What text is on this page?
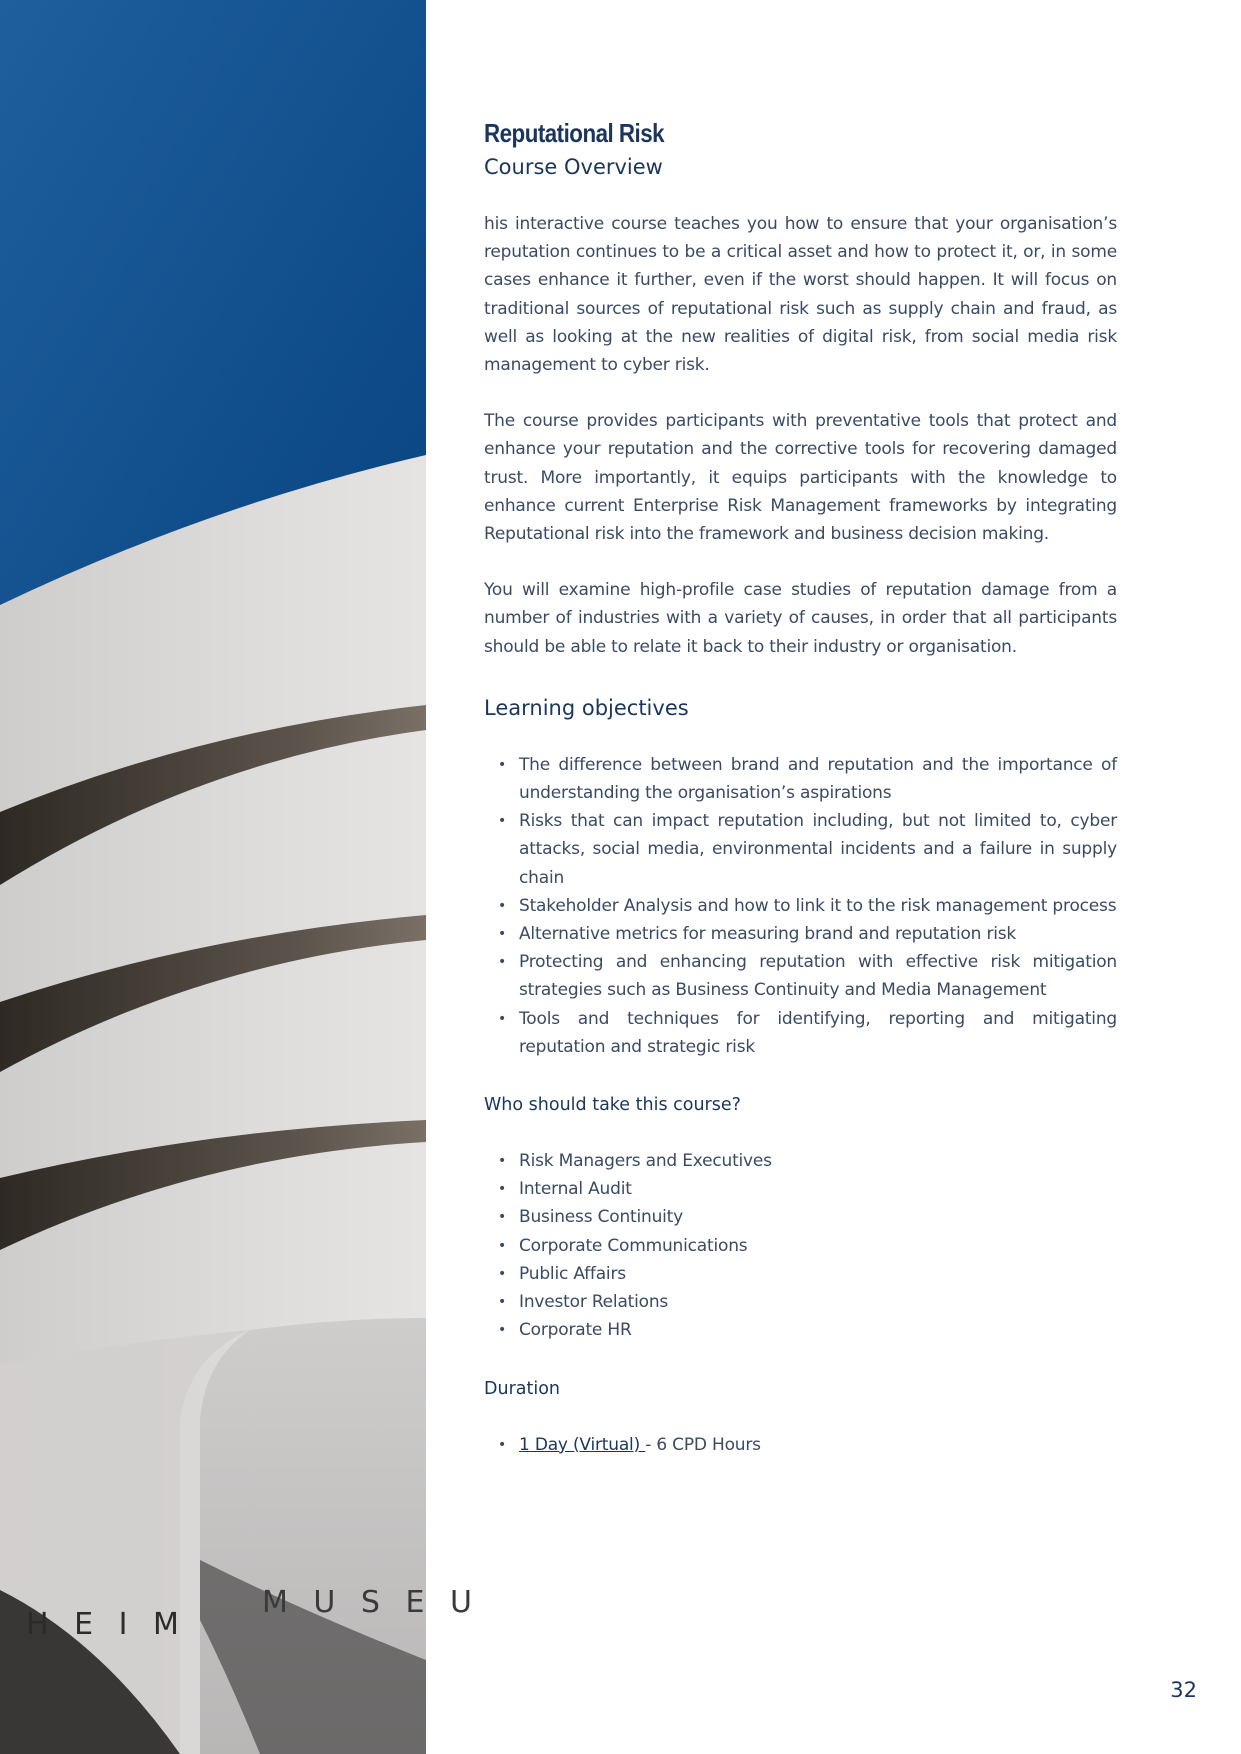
H E I M
M U S E U
Reputational Risk
Course Overview

his interactive course teaches you how to ensure that your organisation’s reputation continues to be a critical asset and how to protect it, or, in some cases enhance it further, even if the worst should happen. It will focus on traditional sources of reputational risk such as supply chain and fraud, as well as looking at the new realities of digital risk, from social media risk management to cyber risk.

The course provides participants with preventative tools that protect and enhance your reputation and the corrective tools for recovering damaged trust. More importantly, it equips participants with the knowledge to enhance current Enterprise Risk Management frameworks by integrating Reputational risk into the framework and business decision making.

You will examine high-profile case studies of reputation damage from a number of industries with a variety of causes, in order that all participants should be able to relate it back to their industry or organisation.

Learning objectives
• The difference between brand and reputation and the importance of understanding the organisation’s aspirations
• Risks that can impact reputation including, but not limited to, cyber attacks, social media, environmental incidents and a failure in supply chain
• Stakeholder Analysis and how to link it to the risk management process
• Alternative metrics for measuring brand and reputation risk
• Protecting and enhancing reputation with effective risk mitigation strategies such as Business Continuity and Media Management
• Tools and techniques for identifying, reporting and mitigating reputation and strategic risk
Who should take this course?
• Risk Managers and Executives
• Internal Audit
• Business Continuity
• Corporate Communications
• Public Affairs
• Investor Relations
• Corporate HR
Duration
• 1 Day (Virtual) - 6 CPD Hours
32
